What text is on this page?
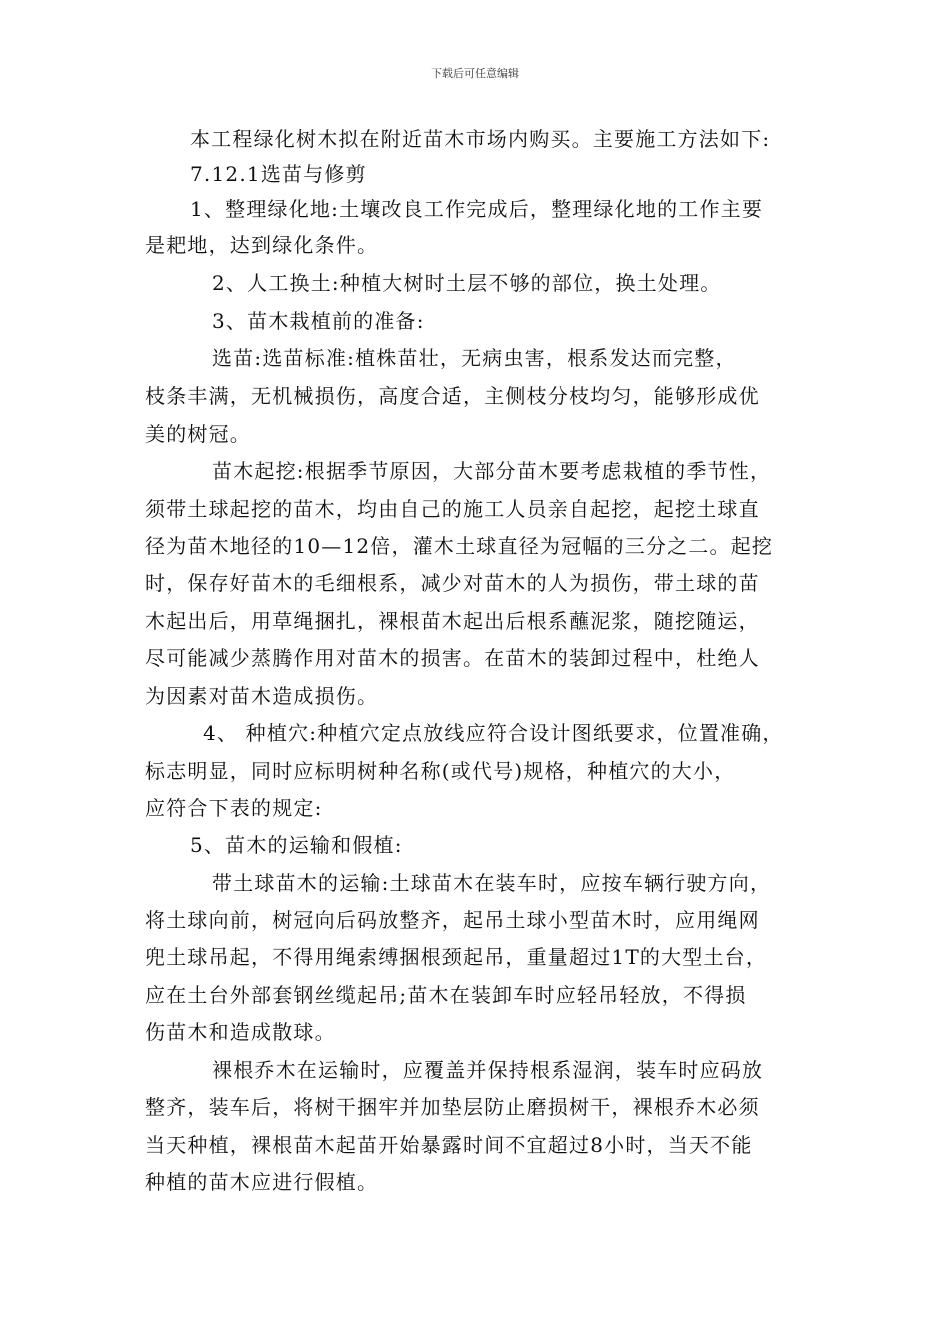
下载后可任意编辑
本工程绿化树木拟在附近苗木市场内购买。主要施工方法如下:
7.12.1选苗与修剪
1、整理绿化地:土壤改良工作完成后，整理绿化地的工作主要
是耙地，达到绿化条件。
2、人工换土:种植大树时土层不够的部位，换土处理。
3、苗木栽植前的准备:
选苗:选苗标准:植株苗壮，无病虫害，根系发达而完整，
枝条丰满，无机械损伤，高度合适，主侧枝分枝均匀，能够形成优
美的树冠。
苗木起挖:根据季节原因，大部分苗木要考虑栽植的季节性，
须带土球起挖的苗木，均由自己的施工人员亲自起挖，起挖土球直
径为苗木地径的10—12倍，灌木土球直径为冠幅的三分之二。起挖
时，保存好苗木的毛细根系，减少对苗木的人为损伤，带土球的苗
木起出后，用草绳捆扎，裸根苗木起出后根系蘸泥浆，随挖随运，
尽可能减少蒸腾作用对苗木的损害。在苗木的装卸过程中，杜绝人
为因素对苗木造成损伤。
4、 种植穴:种植穴定点放线应符合设计图纸要求，位置准确，
标志明显，同时应标明树种名称(或代号)规格，种植穴的大小，
应符合下表的规定:
5、苗木的运输和假植:
带土球苗木的运输:土球苗木在装车时，应按车辆行驶方向，
将土球向前，树冠向后码放整齐，起吊土球小型苗木时，应用绳网
兜土球吊起，不得用绳索缚捆根颈起吊，重量超过1T的大型土台，
应在土台外部套钢丝缆起吊;苗木在装卸车时应轻吊轻放，不得损
伤苗木和造成散球。
裸根乔木在运输时，应覆盖并保持根系湿润，装车时应码放
整齐，装车后，将树干捆牢并加垫层防止磨损树干，裸根乔木必须
当天种植，裸根苗木起苗开始暴露时间不宜超过8小时，当天不能
种植的苗木应进行假植。
